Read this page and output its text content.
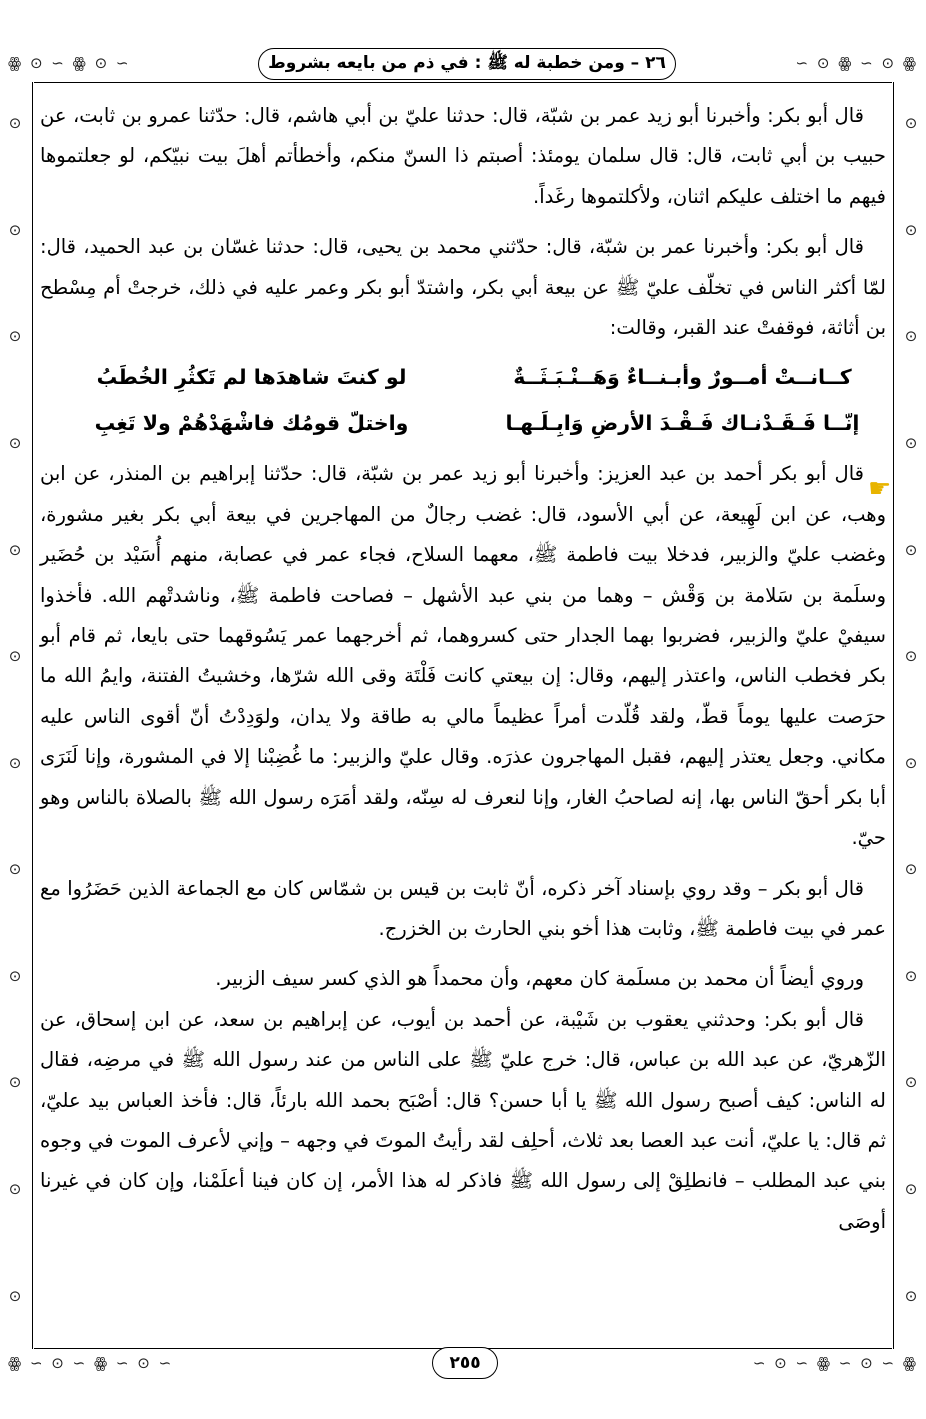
ꙮ ⊙ ∽ ꙮ ⊙ ∽	∽ ⊙ ꙮ ∽ ⊙ ꙮ
ꙮ ∽ ⊙ ∽ ꙮ ∽ ⊙ ∽	∽ ⊙ ∽ ꙮ ∽ ⊙ ∽ ꙮ
⊙
⊙
⊙
⊙
⊙
⊙
⊙
⊙
⊙
⊙
⊙
⊙
⊙
⊙
⊙
⊙
⊙
⊙
⊙
⊙
⊙
⊙
⊙
⊙
٢٦ – ومن خطبة له ﷺ : في ذم من بايعه بشروط

قال أبو بكر: وأخبرنا أبو زيد عمر بن شبّة، قال: حدثنا عليّ بن أبي هاشم، قال: حدّثنا عمرو بن ثابت، عن حبيب بن أبي ثابت، قال: قال سلمان يومئذ: أصبتم ذا السنّ منكم، وأخطأتم أهلَ بيت نبيّكم، لو جعلتموها فيهم ما اختلف عليكم اثنان، ولأكلتموها رغَداً.

قال أبو بكر: وأخبرنا عمر بن شبّة، قال: حدّثني محمد بن يحيى، قال: حدثنا غسّان بن عبد الحميد، قال: لمّا أكثر الناس في تخلّف عليّ ﷺ عن بيعة أبي بكر، واشتدّ أبو بكر وعمر عليه في ذلك، خرجتْ أم مِسْطح بن أثاثة، فوقفتْ عند القبر، وقالت:

كــانــتْ أمــورٌ وأبـنــاءٌ وَهَــنْـبَـثَــةٌ
لو كنتَ شاهدَها لم تَكثُرِ الخُطَبُ
إنّــا فَـقَـدْنـاك فَـقْـدَ الأرضِ وَابِـلَـهـا
واختلّ قومُك فاشْهَدْهُمْ ولا تَغِبِ

قال أبو بكر أحمد بن عبد العزيز: وأخبرنا أبو زيد عمر بن شبّة، قال: حدّثنا إبراهيم بن المنذر، عن ابن وهب، عن ابن لَهِيعة، عن أبي الأسود، قال: غضب رجالٌ من المهاجرين في بيعة أبي بكر بغير مشورة، وغضب عليّ والزبير، فدخلا بيت فاطمة ﷺ، معهما السلاح، فجاء عمر في عصابة، منهم أُسَيْد بن حُضَير وسلَمة بن سَلامة بن وَقْش – وهما من بني عبد الأشهل – فصاحت فاطمة ﷺ، وناشدتْهم الله. فأخذوا سيفيْ عليّ والزبير، فضربوا بهما الجدار حتى كسروهما، ثم أخرجهما عمر يَسُوقهما حتى بايعا، ثم قام أبو بكر فخطب الناس، واعتذر إليهم، وقال: إن بيعتي كانت فَلْتَة وقى الله شرّها، وخشيتُ الفتنة، وايمُ الله ما حرَصت عليها يوماً قطّ، ولقد قُلّدت أمراً عظيماً مالي به طاقة ولا يدان، ولوَدِدْتُ أنّ أقوى الناس عليه مكاني. وجعل يعتذر إليهم، فقبل المهاجرون عذرَه. وقال عليّ والزبير: ما غُضِبْنا إلا في المشورة، وإنا لَنَرَى أبا بكر أحقّ الناس بها، إنه لصاحبُ الغار، وإنا لنعرف له سِنّه، ولقد أمَرَه رسول الله ﷺ بالصلاة بالناس وهو حيّ.

قال أبو بكر – وقد روي بإسناد آخر ذكره، أنّ ثابت بن قيس بن شمّاس كان مع الجماعة الذين حَضَرُوا مع عمر في بيت فاطمة ﷺ، وثابت هذا أخو بني الحارث بن الخزرج.

وروي أيضاً أن محمد بن مسلَمة كان معهم، وأن محمداً هو الذي كسر سيف الزبير.

قال أبو بكر: وحدثني يعقوب بن شَيْبة، عن أحمد بن أيوب، عن إبراهيم بن سعد، عن ابن إسحاق، عن الزّهريّ، عن عبد الله بن عباس، قال: خرج عليّ ﷺ على الناس من عند رسول الله ﷺ في مرضِه، فقال له الناس: كيف أصبح رسول الله ﷺ يا أبا حسن؟ قال: أصْبَح بحمد الله بارئاً، قال: فأخذ العباس بيد عليّ، ثم قال: يا عليّ، أنت عبد العصا بعد ثلاث، أحلِف لقد رأيتُ الموتَ في وجهه – وإني لأعرف الموت في وجوه بني عبد المطلب – فانطلِقْ إلى رسول الله ﷺ فاذكر له هذا الأمر، إن كان فينا أعلَمْنا، وإن كان في غيرنا أوصَى

☛
٢٥٥
